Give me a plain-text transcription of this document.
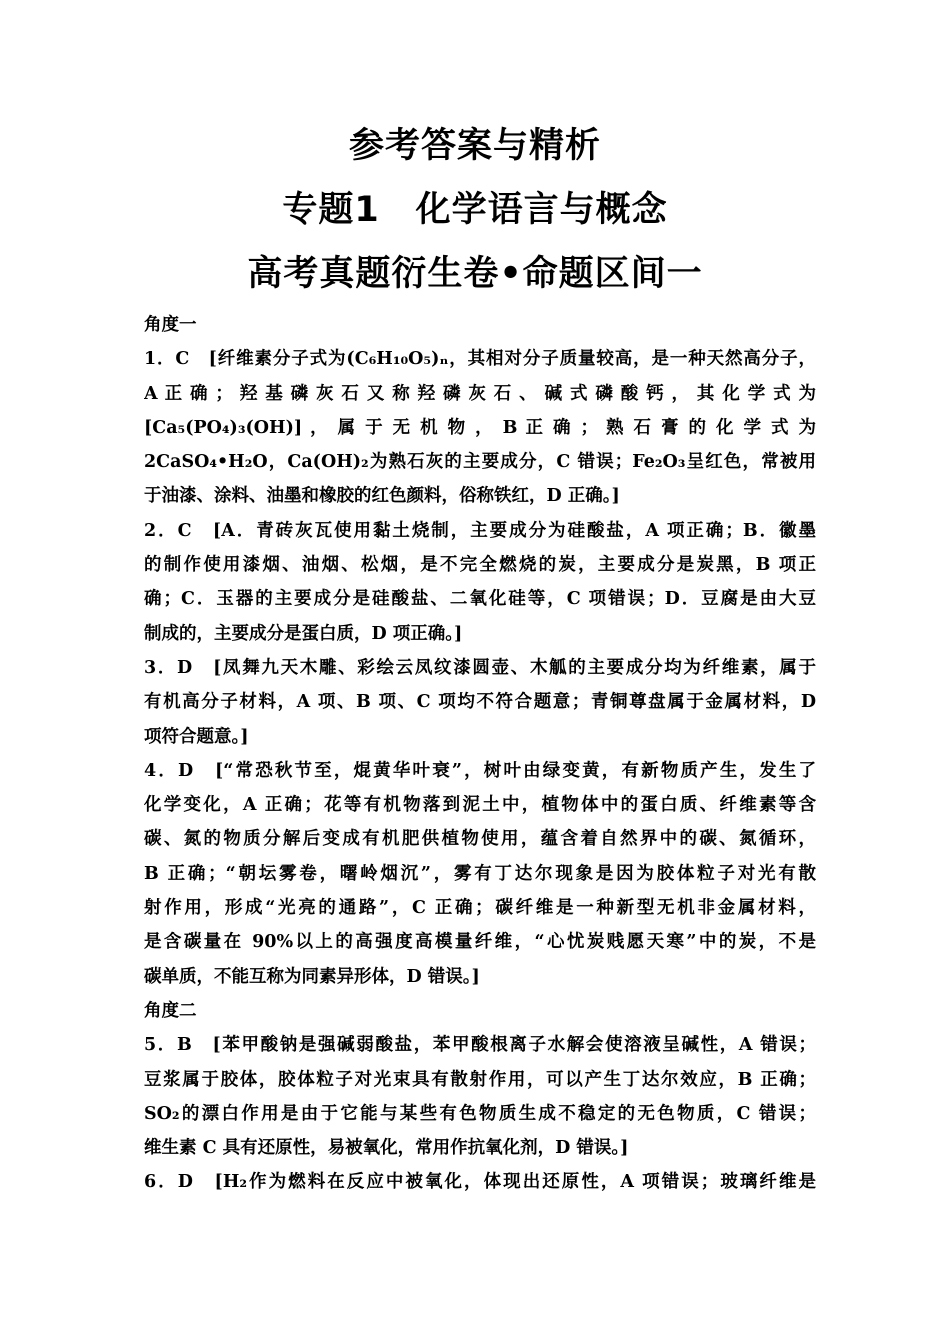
参考答案与精析
专题1　化学语言与概念
高考真题衍生卷•命题区间一
角度一
1．C　[纤维素分子式为(C₆H₁₀O₅)ₙ，其相对分子质量较高，是一种天然高分子，
A 正 确 ； 羟 基 磷 灰 石 又 称 羟 磷 灰 石 、 碱 式 磷 酸 钙 ， 其 化 学 式 为
[Ca₅(PO₄)₃(OH)] ， 属 于 无 机 物 ， B 正 确 ； 熟 石 膏 的 化 学 式 为
2CaSO₄•H₂O，Ca(OH)₂为熟石灰的主要成分，C 错误；Fe₂O₃呈红色，常被用
于油漆、涂料、油墨和橡胶的红色颜料，俗称铁红，D 正确。]
2．C　[A．青砖灰瓦使用黏土烧制，主要成分为硅酸盐，A 项正确；B．徽墨
的制作使用漆烟、油烟、松烟，是不完全燃烧的炭，主要成分是炭黑，B 项正
确；C．玉器的主要成分是硅酸盐、二氧化硅等，C 项错误；D．豆腐是由大豆
制成的，主要成分是蛋白质，D 项正确。]
3．D　[凤舞九天木雕、彩绘云凤纹漆圆壶、木觚的主要成分均为纤维素，属于
有机高分子材料，A 项、B 项、C 项均不符合题意；青铜尊盘属于金属材料，D
项符合题意。]
4．D　[“常恐秋节至，焜黄华叶衰”，树叶由绿变黄，有新物质产生，发生了
化学变化，A 正确；花等有机物落到泥土中，植物体中的蛋白质、纤维素等含
碳、氮的物质分解后变成有机肥供植物使用，蕴含着自然界中的碳、氮循环，
B 正确；“朝坛雾卷，曙岭烟沉”，雾有丁达尔现象是因为胶体粒子对光有散
射作用，形成“光亮的通路”，C 正确；碳纤维是一种新型无机非金属材料，
是含碳量在 90%以上的高强度高模量纤维，“心忧炭贱愿天寒”中的炭，不是
碳单质，不能互称为同素异形体，D 错误。]
角度二
5．B　[苯甲酸钠是强碱弱酸盐，苯甲酸根离子水解会使溶液呈碱性，A 错误；
豆浆属于胶体，胶体粒子对光束具有散射作用，可以产生丁达尔效应，B 正确；
SO₂的漂白作用是由于它能与某些有色物质生成不稳定的无色物质，C 错误；
维生素 C 具有还原性，易被氧化，常用作抗氧化剂，D 错误。]
6．D　[H₂作为燃料在反应中被氧化，体现出还原性，A 项错误；玻璃纤维是
